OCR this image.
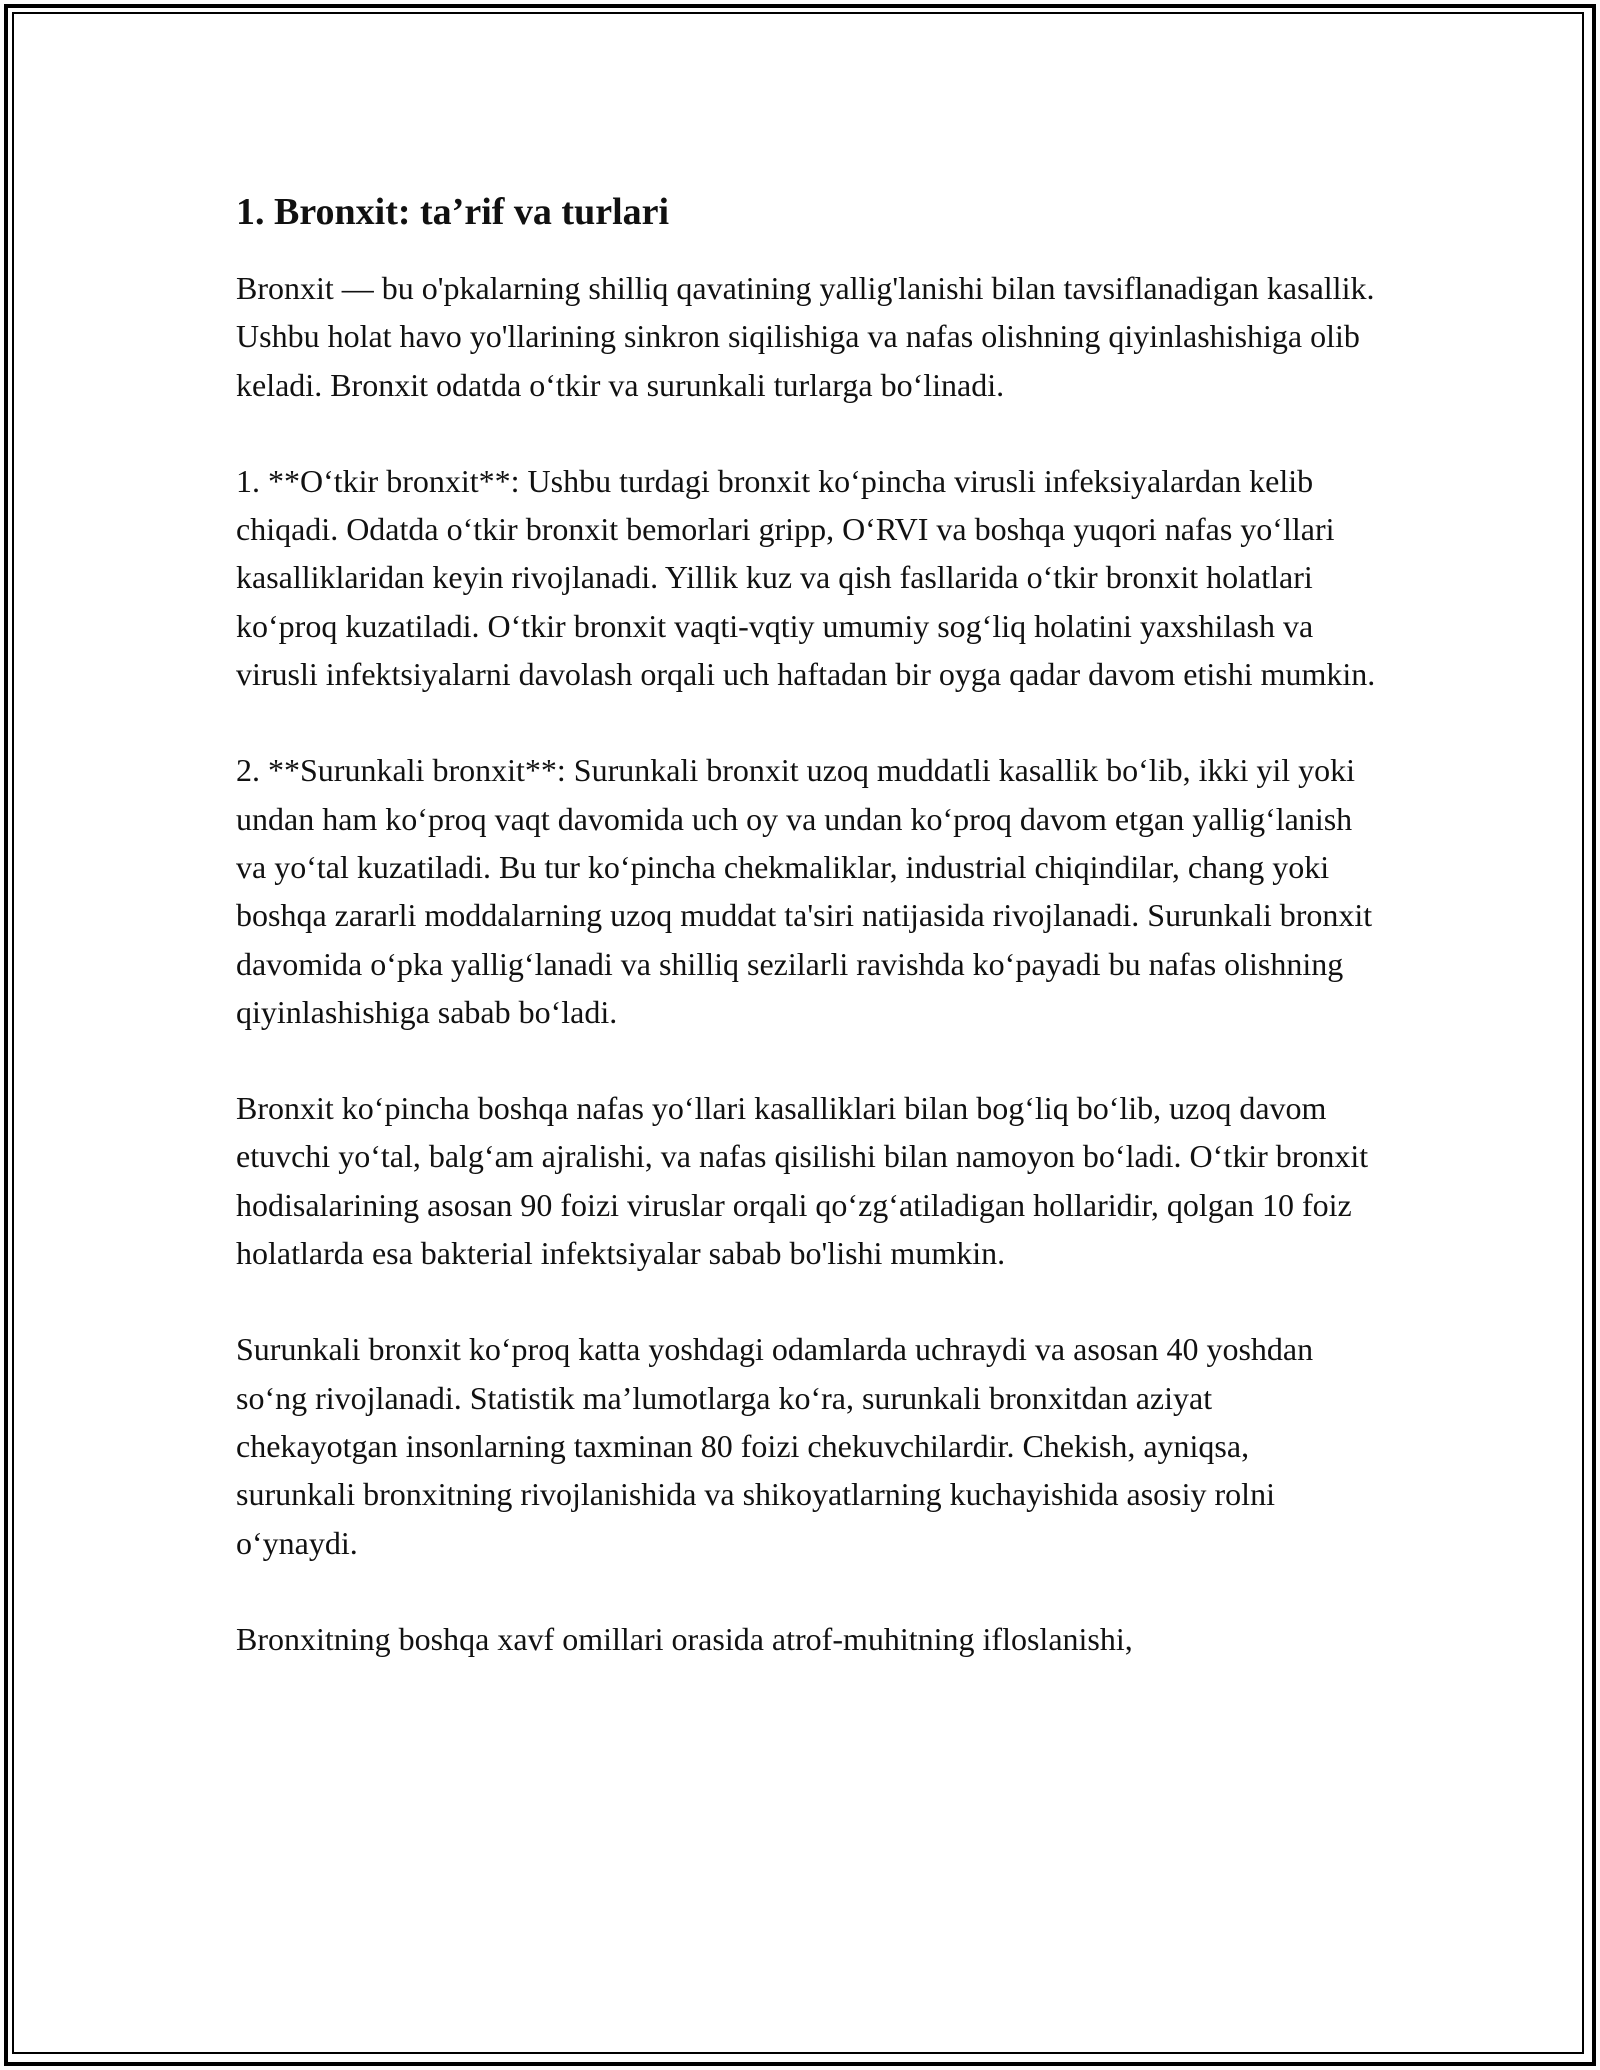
1. Bronxit: ta’rif va turlari

Bronxit — bu o'pkalarning shilliq qavatining yallig'lanishi bilan tavsiflanadigan kasallik. Ushbu holat havo yo'llarining sinkron siqilishiga va nafas olishning qiyinlashishiga olib keladi. Bronxit odatda o‘tkir va surunkali turlarga bo‘linadi.

1. **O‘tkir bronxit**: Ushbu turdagi bronxit ko‘pincha virusli infeksiyalardan kelib chiqadi. Odatda o‘tkir bronxit bemorlari gripp, O‘RVI va boshqa yuqori nafas yo‘llari kasalliklaridan keyin rivojlanadi. Yillik kuz va qish fasllarida o‘tkir bronxit holatlari ko‘proq kuzatiladi. O‘tkir bronxit vaqti-vqtiy umumiy sog‘liq holatini yaxshilash va virusli infektsiyalarni davolash orqali uch haftadan bir oyga qadar davom etishi mumkin.

2. **Surunkali bronxit**: Surunkali bronxit uzoq muddatli kasallik bo‘lib, ikki yil yoki undan ham ko‘proq vaqt davomida uch oy va undan ko‘proq davom etgan yallig‘lanish va yo‘tal kuzatiladi. Bu tur ko‘pincha chekmaliklar, industrial chiqindilar, chang yoki boshqa zararli moddalarning uzoq muddat ta'siri natijasida rivojlanadi. Surunkali bronxit davomida o‘pka yallig‘lanadi va shilliq sezilarli ravishda ko‘payadi bu nafas olishning qiyinlashishiga sabab bo‘ladi.

Bronxit ko‘pincha boshqa nafas yo‘llari kasalliklari bilan bog‘liq bo‘lib, uzoq davom etuvchi yo‘tal, balg‘am ajralishi, va nafas qisilishi bilan namoyon bo‘ladi. O‘tkir bronxit hodisalarining asosan 90 foizi viruslar orqali qo‘zg‘atiladigan hollaridir, qolgan 10 foiz holatlarda esa bakterial infektsiyalar sabab bo'lishi mumkin.

Surunkali bronxit ko‘proq katta yoshdagi odamlarda uchraydi va asosan 40 yoshdan so‘ng rivojlanadi. Statistik ma’lumotlarga ko‘ra, surunkali bronxitdan aziyat chekayotgan insonlarning taxminan 80 foizi chekuvchilardir. Chekish, ayniqsa, surunkali bronxitning rivojlanishida va shikoyatlarning kuchayishida asosiy rolni o‘ynaydi.

Bronxitning boshqa xavf omillari orasida atrof-muhitning ifloslanishi,
